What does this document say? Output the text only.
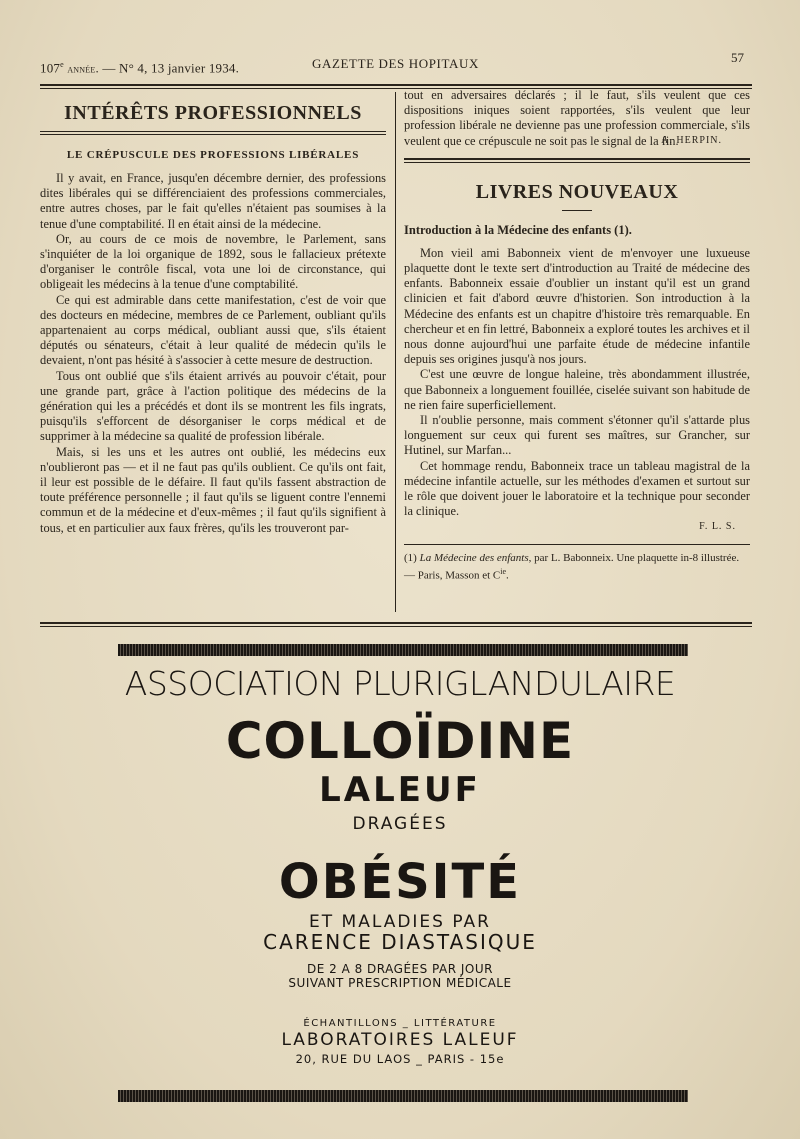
107e année. — N° 4, 13 janvier 1934.	GAZETTE DES HOPITAUX	57
INTÉRÊTS PROFESSIONNELS
LE CRÉPUSCULE DES PROFESSIONS LIBÉRALES

Il y avait, en France, jusqu'en décembre dernier, des professions dites libérales qui se différenciaient des professions commerciales, entre autres choses, par le fait qu'elles n'étaient pas soumises à la tenue d'une comptabilité. Il en était ainsi de la médecine.

Or, au cours de ce mois de novembre, le Parlement, sans s'inquiéter de la loi organique de 1892, sous le fallacieux prétexte d'organiser le contrôle fiscal, vota une loi de circonstance, qui obligeait les médecins à la tenue d'une comptabilité.

Ce qui est admirable dans cette manifestation, c'est de voir que des docteurs en médecine, membres de ce Parlement, oubliant qu'ils appartenaient au corps médical, oubliant aussi que, s'ils étaient députés ou sénateurs, c'était à leur qualité de médecin qu'ils le devaient, n'ont pas hésité à s'associer à cette mesure de destruction.

Tous ont oublié que s'ils étaient arrivés au pouvoir c'était, pour une grande part, grâce à l'action politique des médecins de la génération qui les a précédés et dont ils se montrent les fils ingrats, puisqu'ils s'efforcent de désorganiser le corps médical et de supprimer à la médecine sa qualité de profession libérale.

Mais, si les uns et les autres ont oublié, les médecins eux n'oublieront pas — et il ne faut pas qu'ils oublient. Ce qu'ils ont fait, il leur est possible de le défaire. Il faut qu'ils fassent abstraction de toute préférence personnelle ; il faut qu'ils se liguent contre l'ennemi commun et de la médecine et d'eux-mêmes ; il faut qu'ils signifient à tous, et en particulier aux faux frères, qu'ils les trouveront par-

tout en adversaires déclarés ; il le faut, s'ils veulent que ces dispositions iniques soient rapportées, s'ils veulent que leur profession libérale ne devienne pas une profession commerciale, s'ils veulent que ce crépuscule ne soit pas le signal de la fin.

A. HERPIN.
LIVRES NOUVEAUX
Introduction à la Médecine des enfants (1).

Mon vieil ami Babonneix vient de m'envoyer une luxueuse plaquette dont le texte sert d'introduction au Traité de médecine des enfants. Babonneix essaie d'oublier un instant qu'il est un grand clinicien et fait d'abord œuvre d'historien. Son introduction à la Médecine des enfants est un chapitre d'histoire très remarquable. En chercheur et en fin lettré, Babonneix a exploré toutes les archives et il nous donne aujourd'hui une parfaite étude de médecine infantile depuis ses origines jusqu'à nos jours.

C'est une œuvre de longue haleine, très abondamment illustrée, que Babonneix a longuement fouillée, ciselée suivant son habitude de ne rien faire superficiellement.

Il n'oublie personne, mais comment s'étonner qu'il s'attarde plus longuement sur ceux qui furent ses maîtres, sur Grancher, sur Hutinel, sur Marfan...

Cet hommage rendu, Babonneix trace un tableau magistral de la médecine infantile actuelle, sur les méthodes d'examen et surtout sur le rôle que doivent jouer le laboratoire et la technique pour seconder la clinique.

F. L. S.
(1) La Médecine des enfants, par L. Babonneix. Une plaquette in-8 illustrée. — Paris, Masson et $C^{ie}$.
ASSOCIATION PLURIGLANDULAIRE
COLLOÏDINE
LALEUF
DRAGÉES
OBÉSITÉ
ET MALADIES PAR
CARENCE DIASTASIQUE
DE 2 A 8 DRAGÉES PAR JOUR
SUIVANT PRESCRIPTION MÉDICALE
ÉCHANTILLONS _ LITTÉRATURE
LABORATOIRES LALEUF
20, RUE DU LAOS _ PARIS - 15e
